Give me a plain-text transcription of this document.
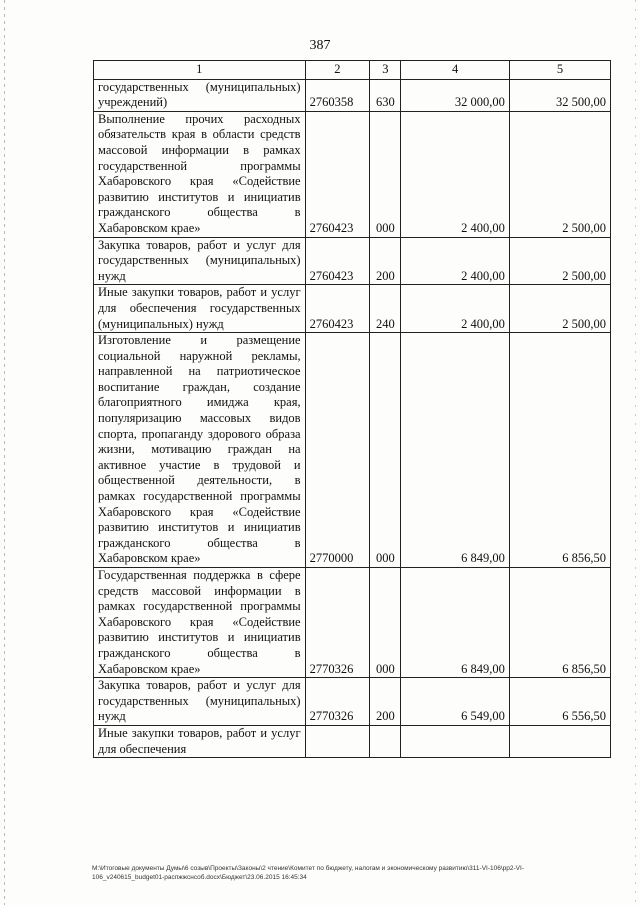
387
1	2	3	4	5
государственных (муниципальных) учреждений)	2760358	630	32 000,00	32 500,00
Выполнение прочих расходных обязательств края в области средств массовой информации в рамках государственной программы Хабаровского края «Содействие развитию институтов и инициатив гражданского общества в Хабаровском крае»	2760423	000	2 400,00	2 500,00
Закупка товаров, работ и услуг для государственных (муниципальных) нужд	2760423	200	2 400,00	2 500,00
Иные закупки товаров, работ и услуг для обеспечения государственных (муниципальных) нужд	2760423	240	2 400,00	2 500,00
Изготовление и размещение социальной наружной рекламы, направленной на патриотическое воспитание граждан, создание благоприятного имиджа края, популяризацию массовых видов спорта, пропаганду здорового образа жизни, мотивацию граждан на активное участие в трудовой и общественной деятельности, в рамках государственной программы Хабаровского края «Содействие развитию институтов и инициатив гражданского общества в Хабаровском крае»	2770000	000	6 849,00	6 856,50
Государственная поддержка в сфере средств массовой информации в рамках государственной программы Хабаровского края «Содействие развитию институтов и инициатив гражданского общества в Хабаровском крае»	2770326	000	6 849,00	6 856,50
Закупка товаров, работ и услуг для государственных (муниципальных) нужд	2770326	200	6 549,00	6 556,50
Иные закупки товаров, работ и услуг для обеспечения				
M:\Итоговые документы Думы\6 созыв\Проекты\Законы\2 чтение\Комитет по бюджету, налогам и экономическому развитию\311-VI-106\рр2-VI-
106_v240615_budget01-распжжснсоб.docx\Бюджет\23.06.2015 16:45:34
